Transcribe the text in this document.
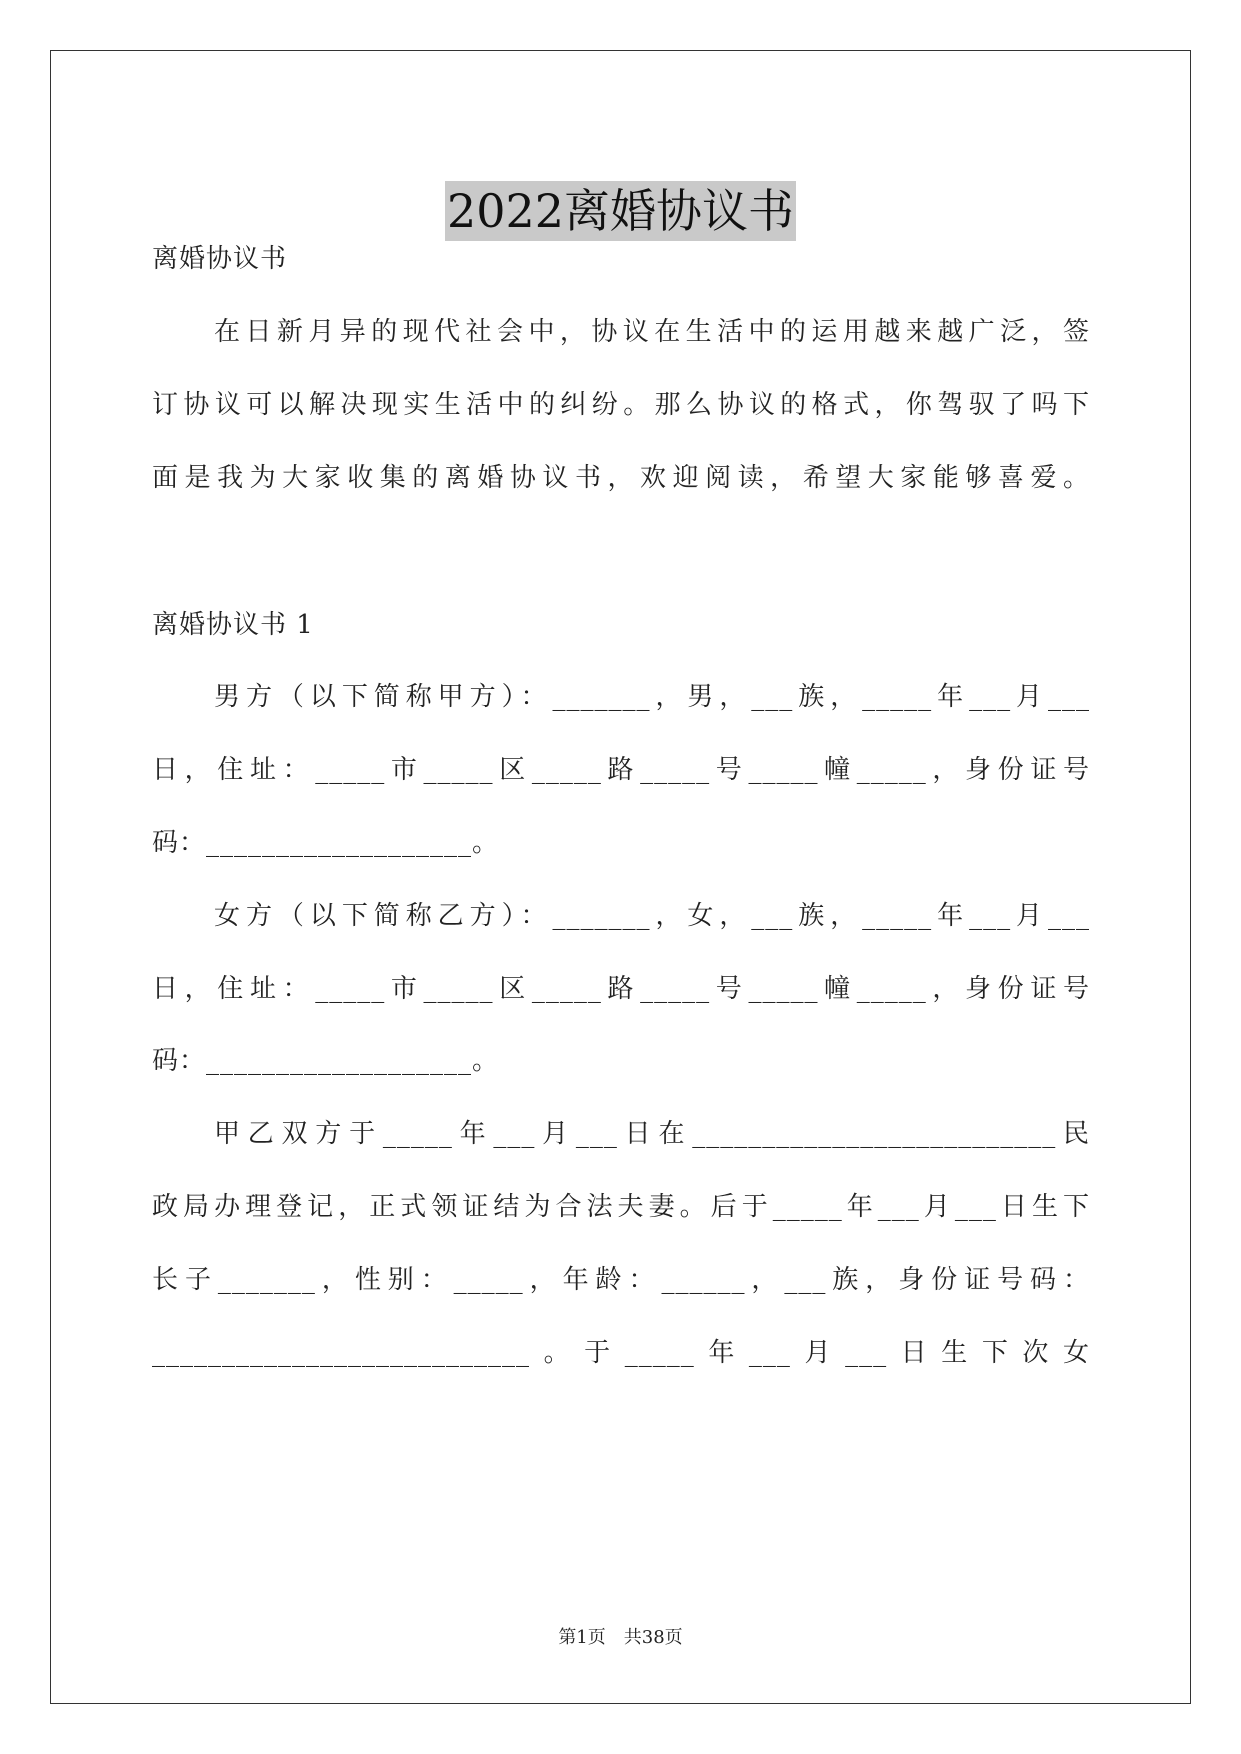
2022离婚协议书
离婚协议书
在日新月异的现代社会中，协议在生活中的运用越来越广泛，签
订协议可以解决现实生活中的纠纷。那么协议的格式，你驾驭了吗下
面是我为大家收集的离婚协议书，欢迎阅读，希望大家能够喜爱。
离婚协议书 1
男方（以下简称甲方）：_______，男，___族，_____年___月___
日，住址：_____市_____区_____路_____号_____幢_____，身份证号
码：___________________。
女方（以下简称乙方）：_______，女，___族，_____年___月___
日，住址：_____市_____区_____路_____号_____幢_____，身份证号
码：___________________。
甲乙双方于_____年___月___日在__________________________民
政局办理登记，正式领证结为合法夫妻。后于_____年___月___日生下
长子_______，性别：_____，年龄：______，___族，身份证号码：
___________________________。于_____年___月___日生下次女
第1页　共38页
